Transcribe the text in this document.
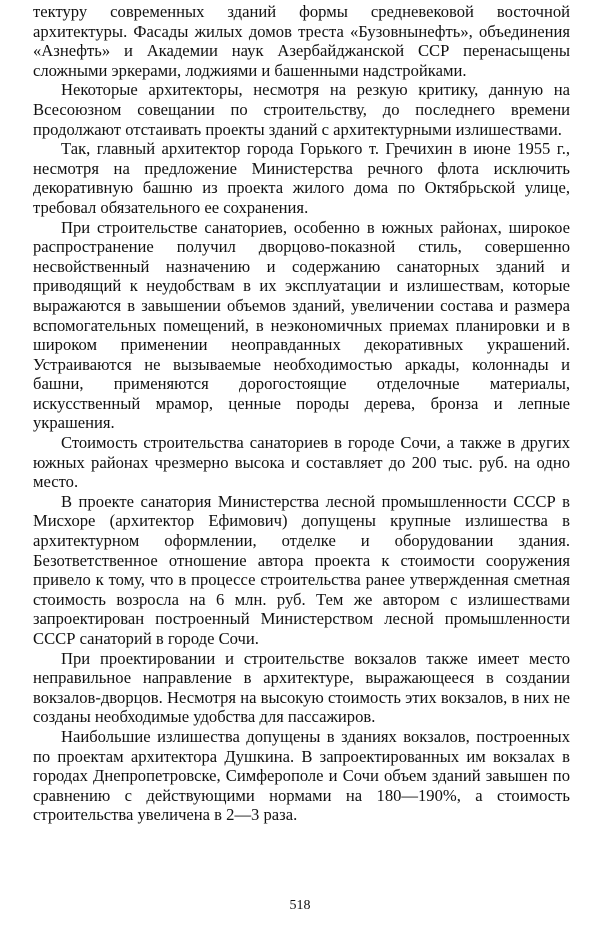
тектуру современных зданий формы средневековой восточной архитектуры. Фасады жилых домов треста «Бузовнынефть», объединения «Азнефть» и Академии наук Азербайджанской ССР перенасыщены сложными эркерами, лоджиями и башенными надстройками.

Некоторые архитекторы, несмотря на резкую критику, данную на Всесоюзном совещании по строительству, до последнего времени продолжают отстаивать проекты зданий с архитектурными излишествами.

Так, главный архитектор города Горького т. Гречихин в июне 1955 г., несмотря на предложение Министерства речного флота исключить декоративную башню из проекта жилого дома по Октябрьской улице, требовал обязательного ее сохранения.

При строительстве санаториев, особенно в южных районах, широкое распространение получил дворцово-показной стиль, совершенно несвойственный назначению и содержанию санаторных зданий и приводящий к неудобствам в их эксплуатации и излишествам, которые выражаются в завышении объемов зданий, увеличении состава и размера вспомогательных помещений, в неэкономичных приемах планировки и в широком применении неоправданных декоративных украшений. Устраиваются не вызываемые необходимостью аркады, колоннады и башни, применяются дорогостоящие отделочные материалы, искусственный мрамор, ценные породы дерева, бронза и лепные украшения.

Стоимость строительства санаториев в городе Сочи, а также в других южных районах чрезмерно высока и составляет до 200 тыс. руб. на одно место.

В проекте санатория Министерства лесной промышленности СССР в Мисхоре (архитектор Ефимович) допущены крупные излишества в архитектурном оформлении, отделке и оборудовании здания. Безответственное отношение автора проекта к стоимости сооружения привело к тому, что в процессе строительства ранее утвержденная сметная стоимость возросла на 6 млн. руб. Тем же автором с излишествами запроектирован построенный Министерством лесной промышленности СССР санаторий в городе Сочи.

При проектировании и строительстве вокзалов также имеет место неправильное направление в архитектуре, выражающееся в создании вокзалов-дворцов. Несмотря на высокую стоимость этих вокзалов, в них не созданы необходимые удобства для пассажиров.

Наибольшие излишества допущены в зданиях вокзалов, построенных по проектам архитектора Душкина. В запроектированных им вокзалах в городах Днепропетровске, Симферополе и Сочи объем зданий завышен по сравнению с действующими нормами на 180—190%, а стоимость строительства увеличена в 2—3 раза.

518
